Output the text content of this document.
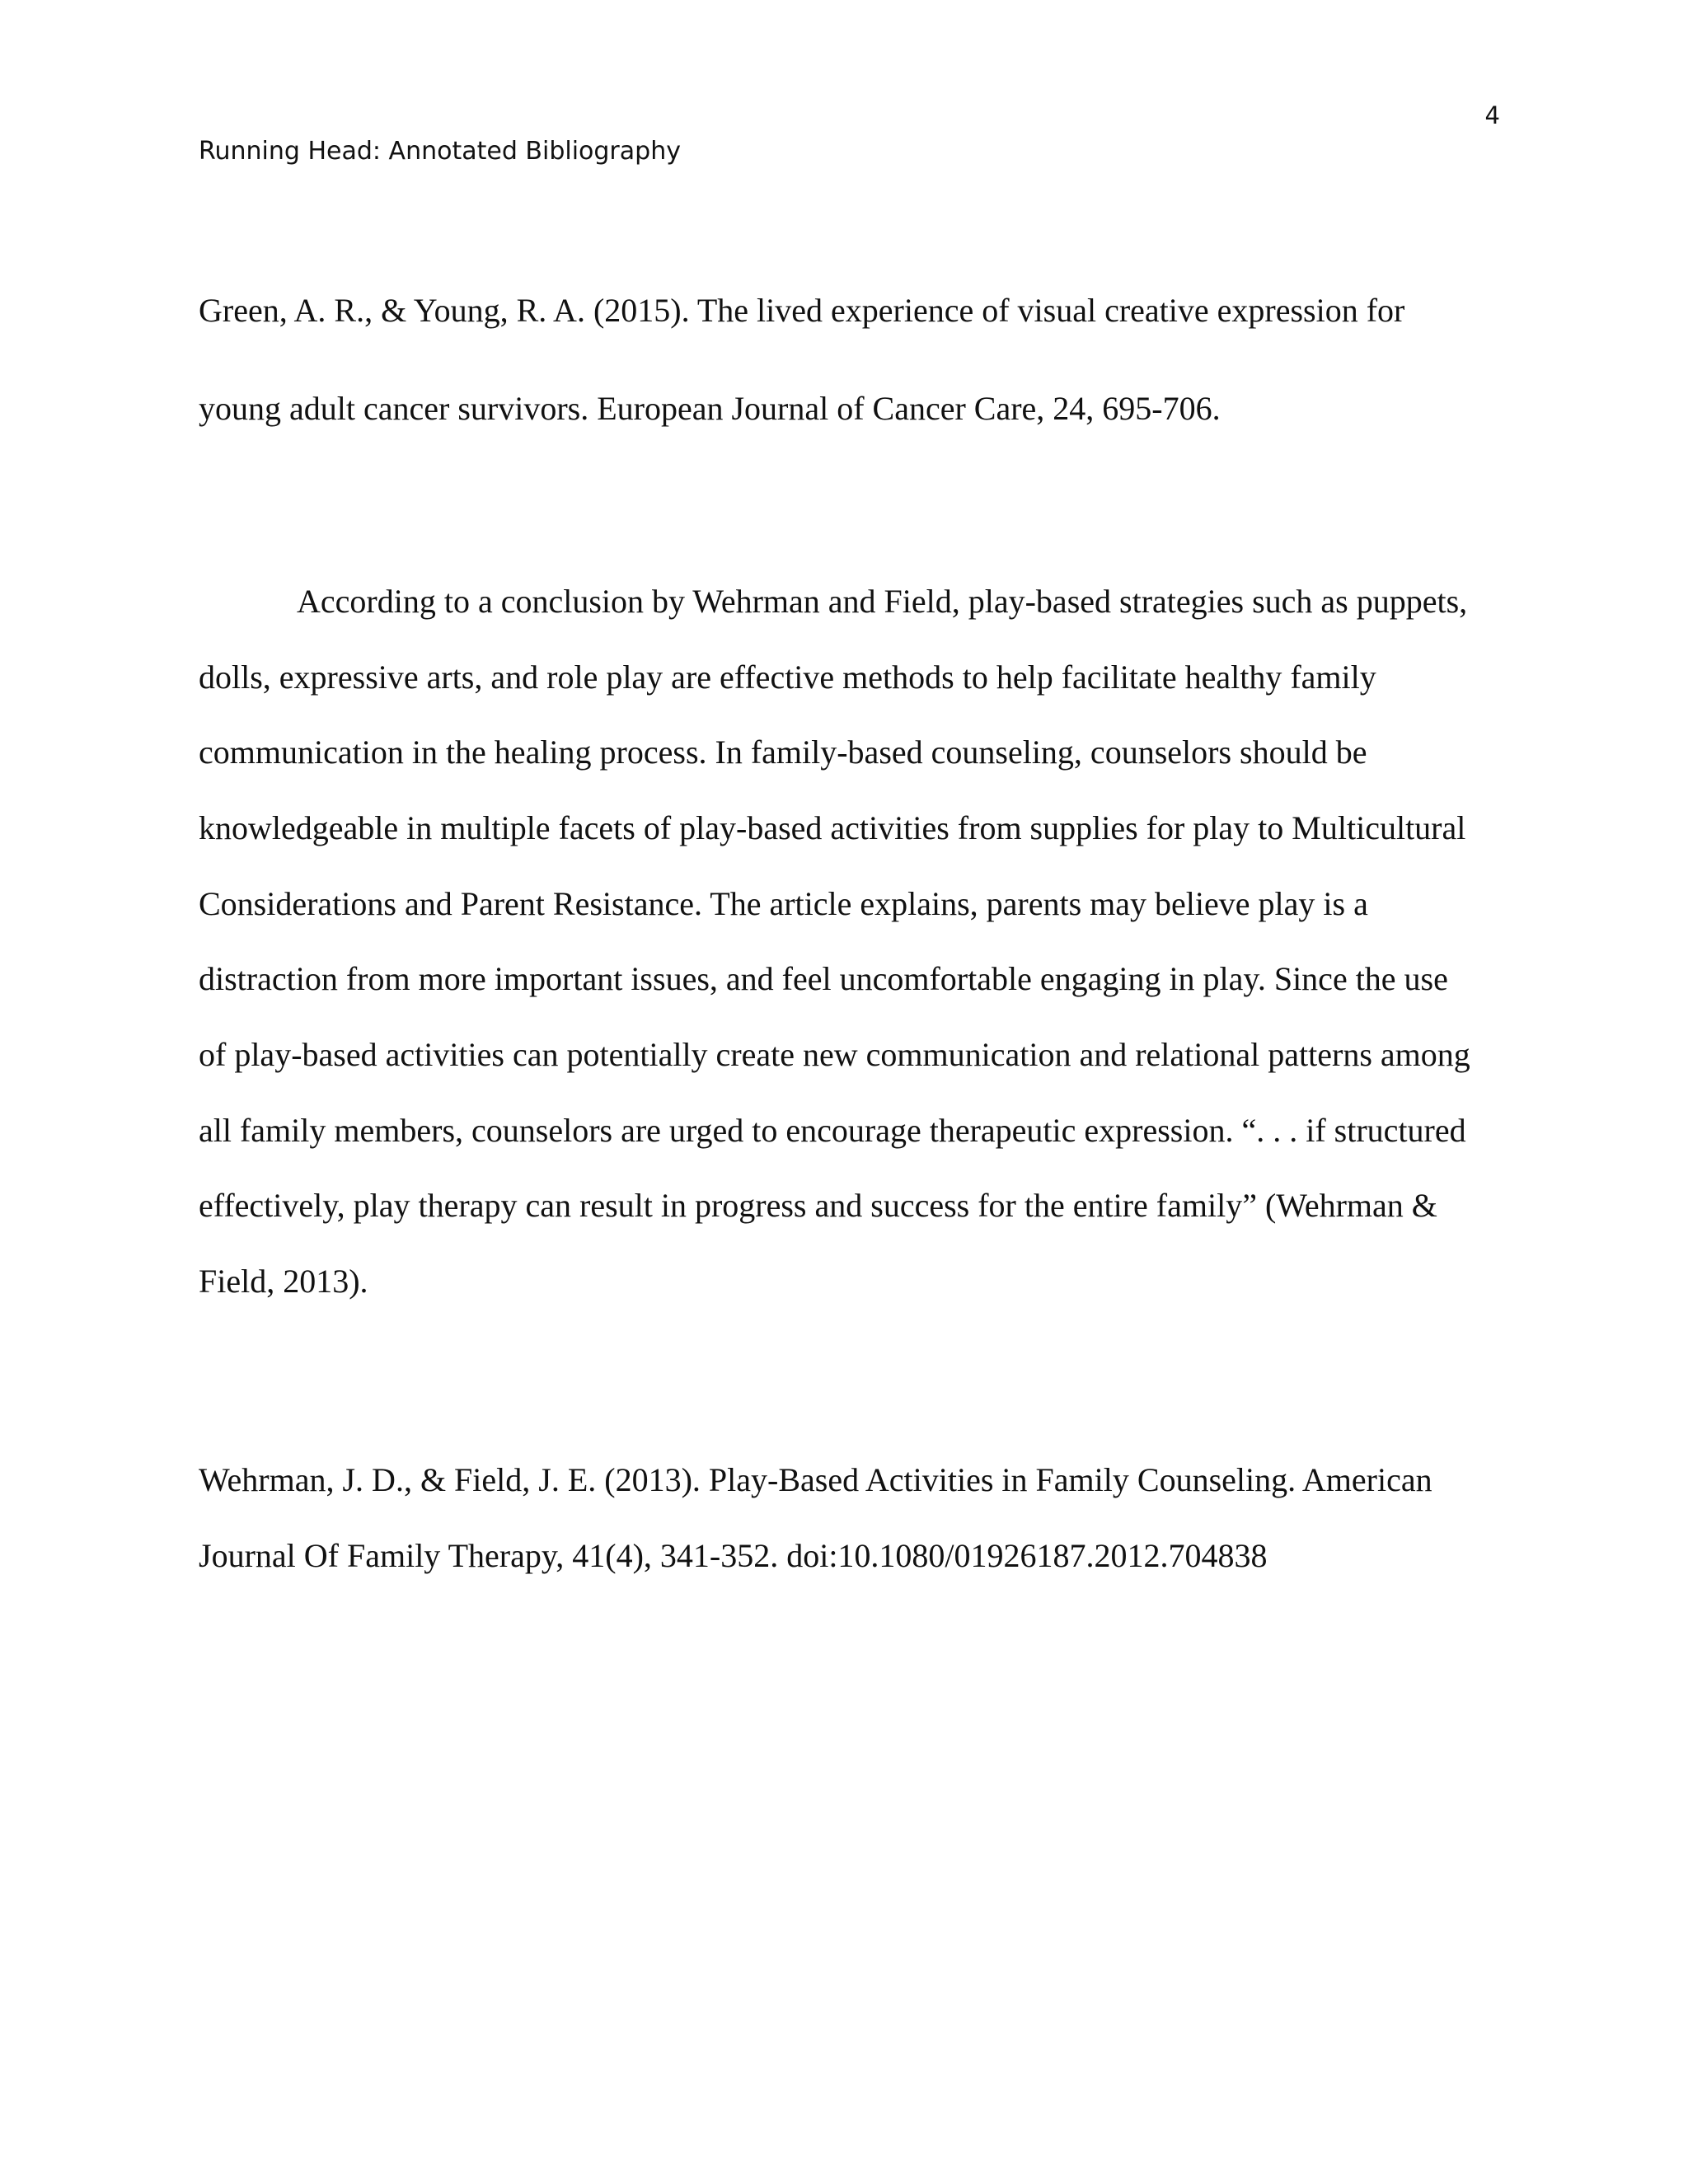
4
Running Head: Annotated Bibliography
Green, A. R., & Young, R. A. (2015). The lived experience of visual creative expression for
young adult cancer survivors. European Journal of Cancer Care, 24, 695-706.
According to a conclusion by Wehrman and Field, play-based strategies such as puppets,
dolls, expressive arts, and role play are effective methods to help facilitate healthy family
communication in the healing process. In family-based counseling, counselors should be
knowledgeable in multiple facets of play-based activities from supplies for play to Multicultural
Considerations and Parent Resistance. The article explains, parents may believe play is a
distraction from more important issues, and feel uncomfortable engaging in play. Since the use
of play-based activities can potentially create new communication and relational patterns among
all family members, counselors are urged to encourage therapeutic expression. “. . . if structured
effectively, play therapy can result in progress and success for the entire family” (Wehrman &
Field, 2013).
Wehrman, J. D., & Field, J. E. (2013). Play-Based Activities in Family Counseling. American
Journal Of Family Therapy, 41(4), 341-352. doi:10.1080/01926187.2012.704838
